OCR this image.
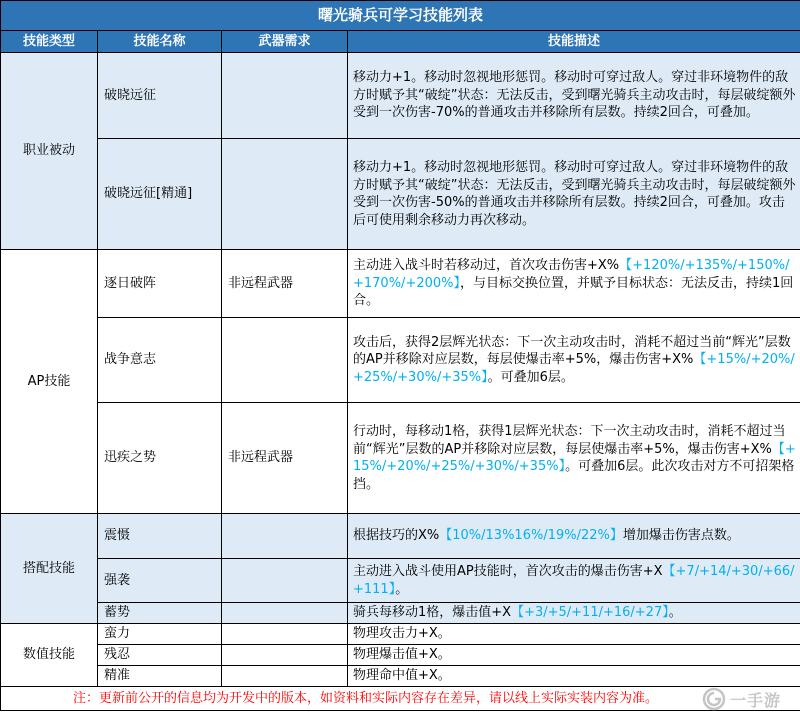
曙光骑兵可学习技能列表			
技能类型	技能名称	武器需求	技能描述
职业被动	破晓远征		移动力+1。移动时忽视地形惩罚。移动时可穿过敌人。穿过非环境物件的敌方时赋予其“破绽”状态：无法反击，受到曙光骑兵主动攻击时，每层破绽额外受到一次伤害-70%的普通攻击并移除所有层数。持续2回合，可叠加。
	破晓远征[精通]		移动力+1。移动时忽视地形惩罚。移动时可穿过敌人。穿过非环境物件的敌方时赋予其“破绽”状态：无法反击，受到曙光骑兵主动攻击时，每层破绽额外受到一次伤害-50%的普通攻击并移除所有层数。持续2回合，可叠加。攻击后可使用剩余移动力再次移动。
AP技能	逐日破阵	非远程武器	主动进入战斗时若移动过，首次攻击伤害+X%【+120%/+135%/+150%/+170%/+200%】，与目标交换位置，并赋予目标状态：无法反击，持续1回合。
	战争意志		攻击后，获得2层辉光状态：下一次主动攻击时，消耗不超过当前“辉光”层数的AP并移除对应层数，每层使爆击率+5%，爆击伤害+X%【+15%/+20%/+25%/+30%/+35%】。可叠加6层。
	迅疾之势	非远程武器	行动时，每移动1格，获得1层辉光状态：下一次主动攻击时，消耗不超过当前“辉光”层数的AP并移除对应层数，每层使爆击率+5%，爆击伤害+X%【+15%/+20%/+25%/+30%/+35%】。可叠加6层。此次攻击对方不可招架格挡。
搭配技能	震慑		根据技巧的X%【10%/13%16%/19%/22%】增加爆击伤害点数。
	强袭		主动进入战斗使用AP技能时，首次攻击的爆击伤害+X【+7/+14/+30/+66/+111】。
	蓄势		骑兵每移动1格，爆击值+X【+3/+5/+11/+16/+27】。
数值技能	蛮力		物理攻击力+X。
	残忍		物理爆击值+X。
	精准		物理命中值+X。
注：更新前公开的信息均为开发中的版本，如资料和实际内容存在差异，请以线上实际实装内容为准。				一手游
